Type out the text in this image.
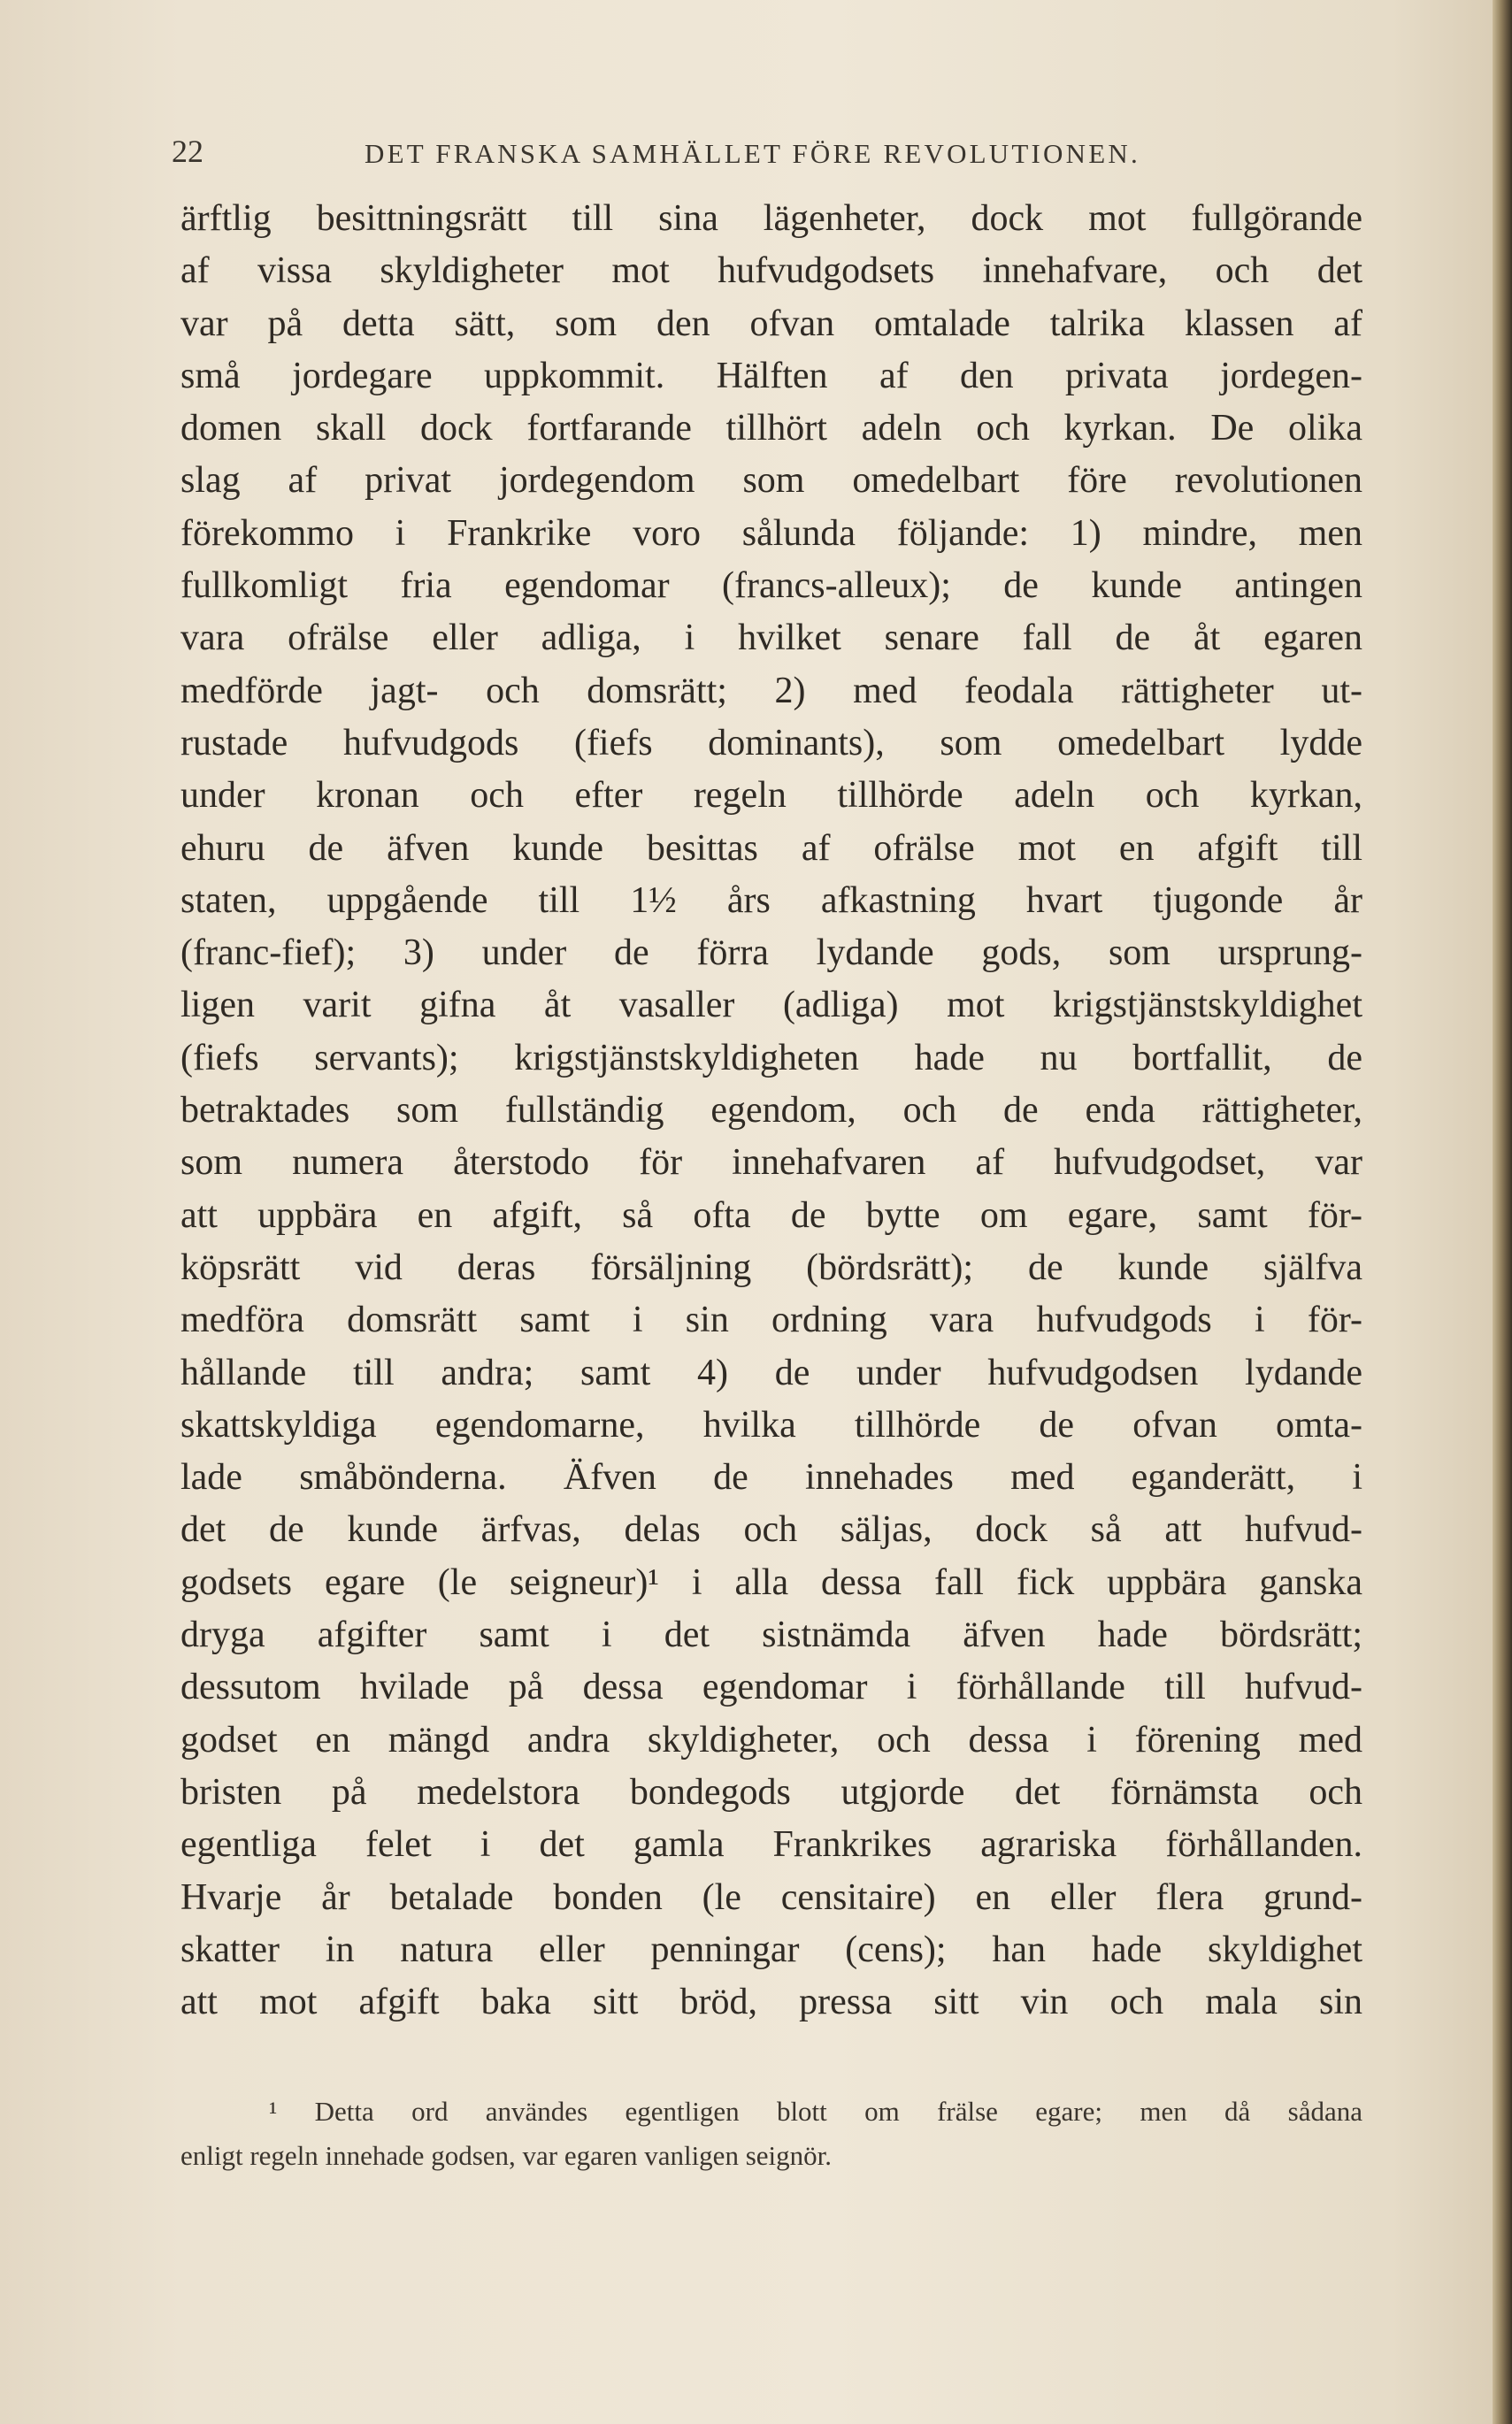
22	DET FRANSKA SAMHÄLLET FÖRE REVOLUTIONEN.
ärftlig besittningsrätt till sina lägenheter, dock mot fullgörande
af vissa skyldigheter mot hufvudgodsets innehafvare, och det
var på detta sätt, som den ofvan omtalade talrika klassen af
små jordegare uppkommit. Hälften af den privata jordegen-
domen skall dock fortfarande tillhört adeln och kyrkan. De olika
slag af privat jordegendom som omedelbart före revolutionen
förekommo i Frankrike voro sålunda följande: 1) mindre, men
fullkomligt fria egendomar (francs-alleux); de kunde antingen
vara ofrälse eller adliga, i hvilket senare fall de åt egaren
medförde jagt- och domsrätt; 2) med feodala rättigheter ut-
rustade hufvudgods (fiefs dominants), som omedelbart lydde
under kronan och efter regeln tillhörde adeln och kyrkan,
ehuru de äfven kunde besittas af ofrälse mot en afgift till
staten, uppgående till 1½ års afkastning hvart tjugonde år
(franc-fief); 3) under de förra lydande gods, som ursprung-
ligen varit gifna åt vasaller (adliga) mot krigstjänstskyldighet
(fiefs servants); krigstjänstskyldigheten hade nu bortfallit, de
betraktades som fullständig egendom, och de enda rättigheter,
som numera återstodo för innehafvaren af hufvudgodset, var
att uppbära en afgift, så ofta de bytte om egare, samt för-
köpsrätt vid deras försäljning (bördsrätt); de kunde själfva
medföra domsrätt samt i sin ordning vara hufvudgods i för-
hållande till andra; samt 4) de under hufvudgodsen lydande
skattskyldiga egendomarne, hvilka tillhörde de ofvan omta-
lade småbönderna. Äfven de innehades med eganderätt, i
det de kunde ärfvas, delas och säljas, dock så att hufvud-
godsets egare (le seigneur)¹ i alla dessa fall fick uppbära ganska
dryga afgifter samt i det sistnämda äfven hade bördsrätt;
dessutom hvilade på dessa egendomar i förhållande till hufvud-
godset en mängd andra skyldigheter, och dessa i förening med
bristen på medelstora bondegods utgjorde det förnämsta och
egentliga felet i det gamla Frankrikes agrariska förhållanden.
Hvarje år betalade bonden (le censitaire) en eller flera grund-
skatter in natura eller penningar (cens); han hade skyldighet
att mot afgift baka sitt bröd, pressa sitt vin och mala sin
¹ Detta ord användes egentligen blott om frälse egare; men då sådana
enligt regeln innehade godsen, var egaren vanligen seignör.
